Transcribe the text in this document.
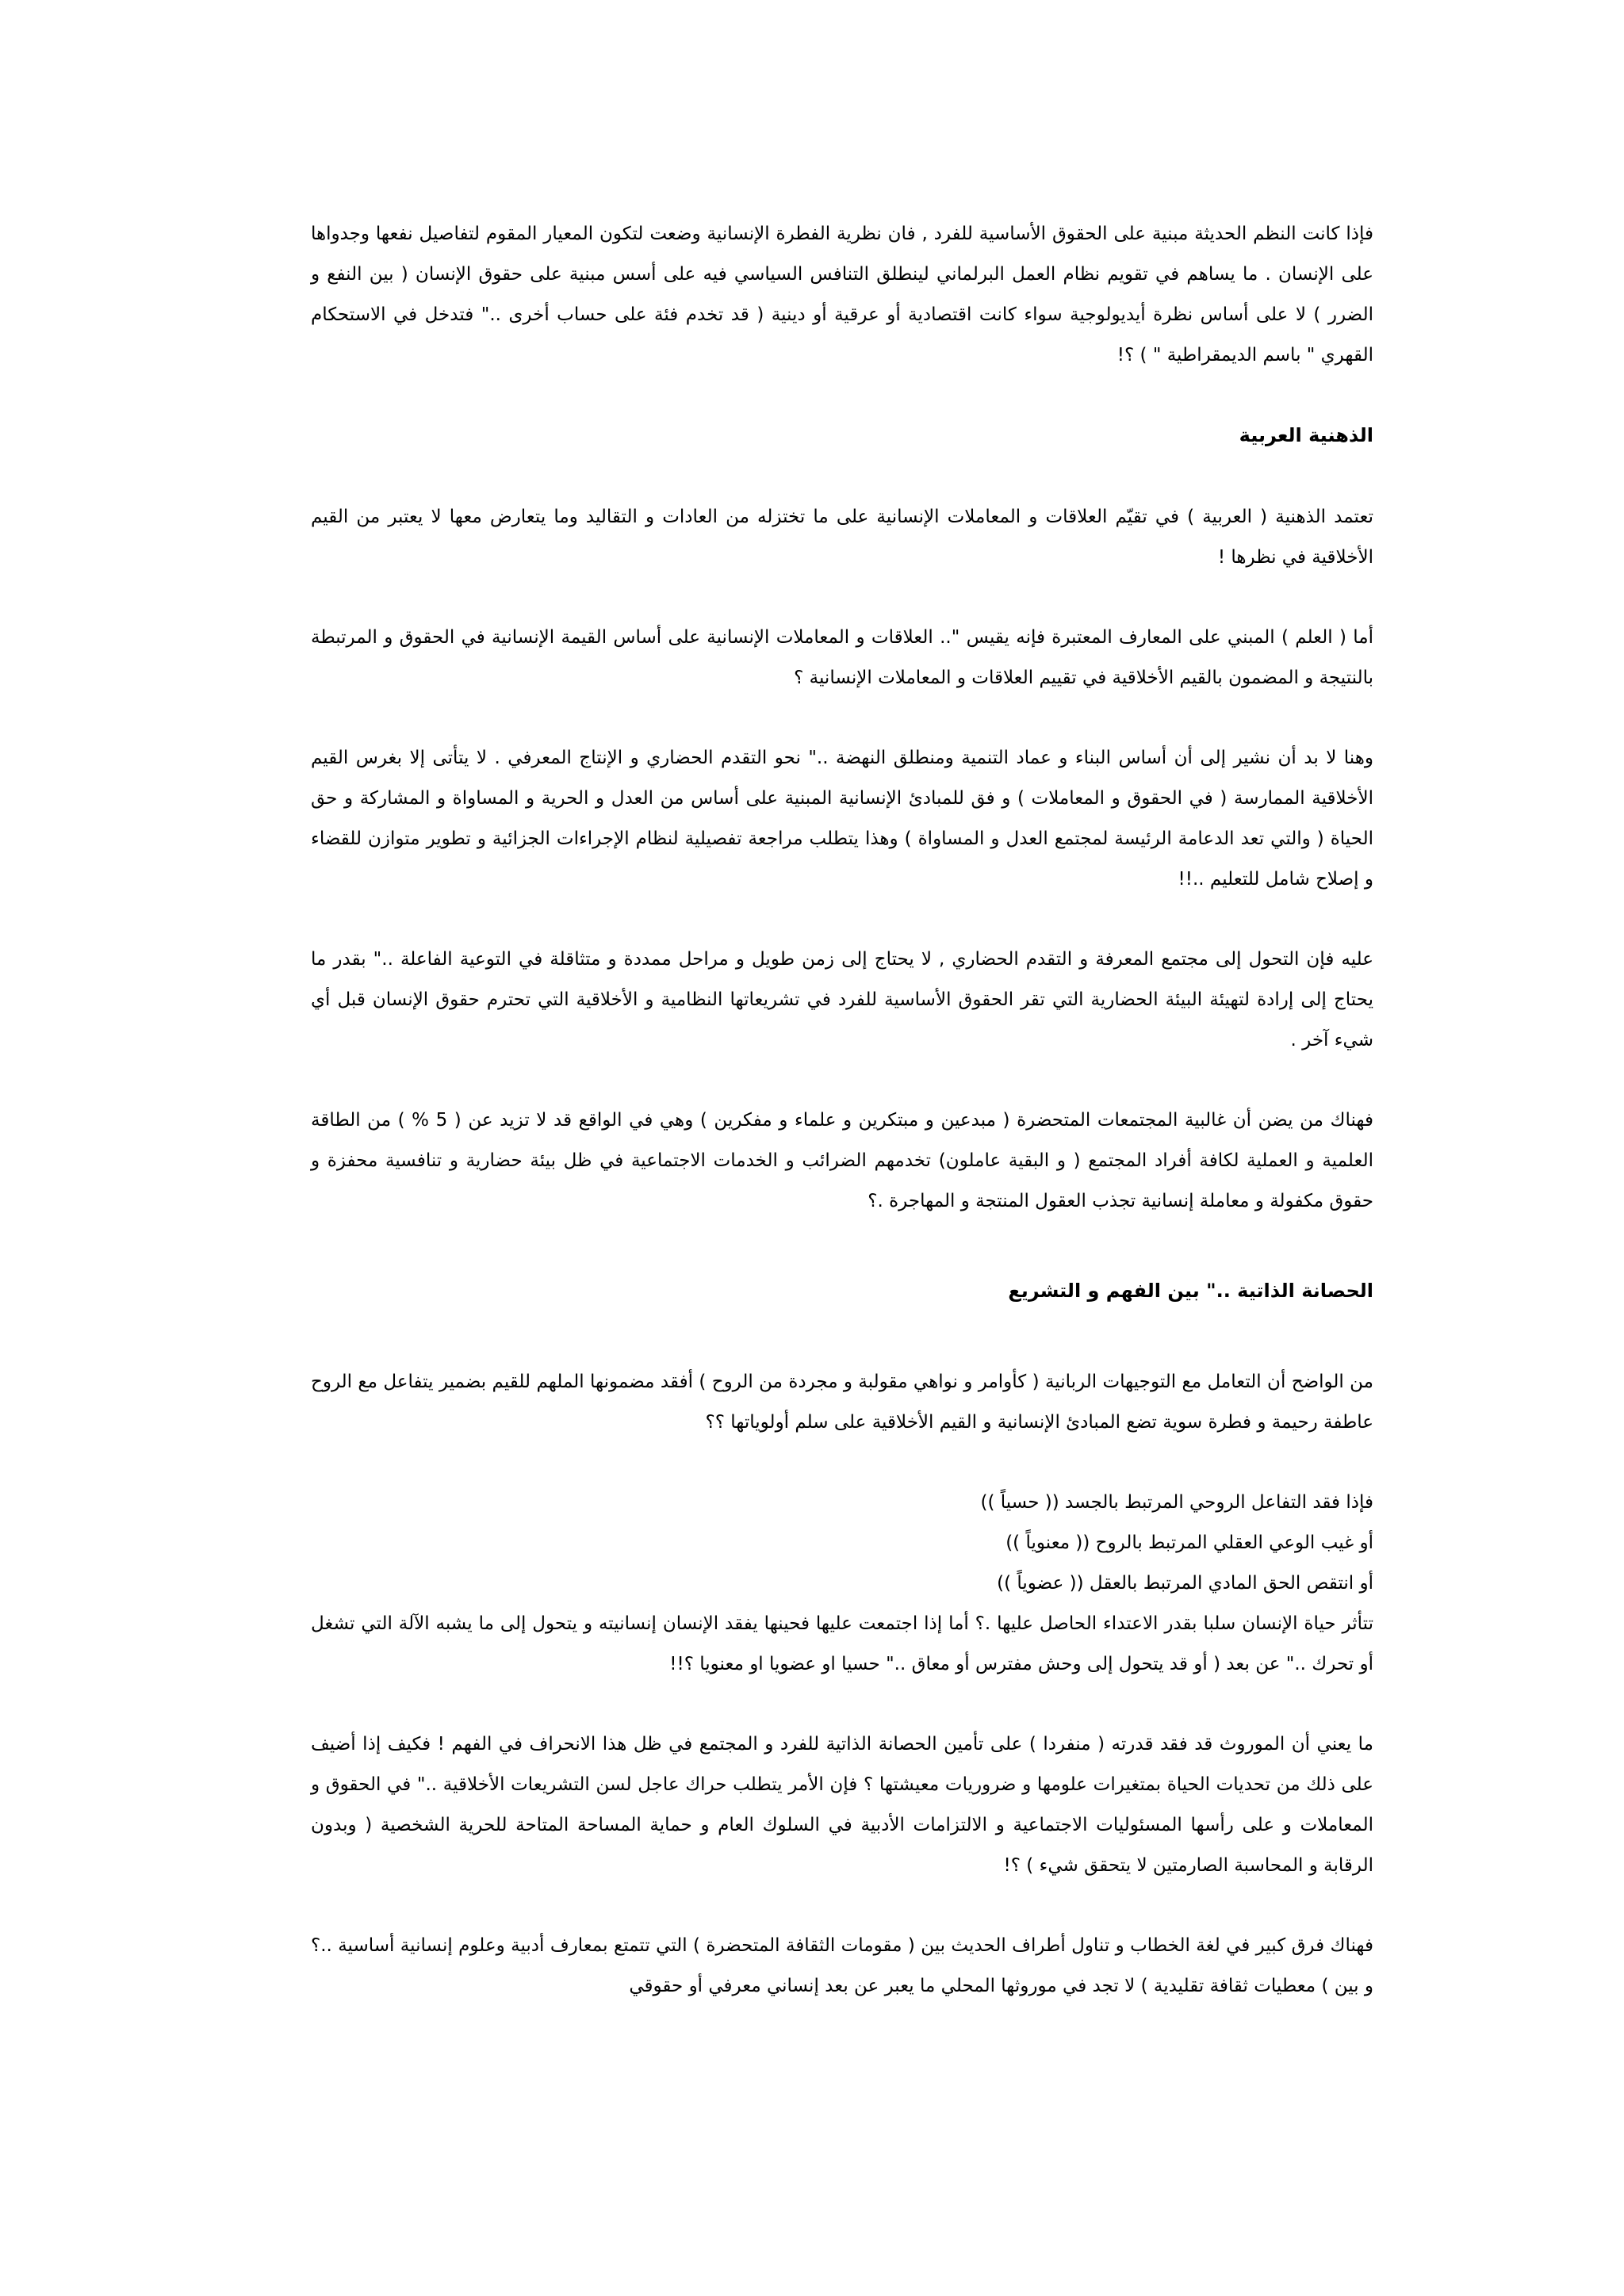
فإذا كانت النظم الحديثة مبنية على الحقوق الأساسية للفرد , فان نظرية الفطرة الإنسانية وضعت لتكون المعيار المقوم لتفاصيل نفعها وجدواها على الإنسان . ما يساهم في تقويم نظام العمل البرلماني لينطلق التنافس السياسي فيه على أسس مبنية على حقوق الإنسان ( بين النفع و الضرر ) لا على أساس نظرة أيديولوجية سواء كانت اقتصادية أو عرقية أو دينية ( قد تخدم فئة على حساب أخرى .." فتدخل في الاستحكام القهري " باسم الديمقراطية " ) ؟!

الذهنية العربية

تعتمد الذهنية ( العربية ) في تقيّم العلاقات و المعاملات الإنسانية على ما تختزله من العادات و التقاليد وما يتعارض معها لا يعتبر من القيم الأخلاقية في نظرها !

أما ( العلم ) المبني على المعارف المعتبرة فإنه يقيس ".. العلاقات و المعاملات الإنسانية على أساس القيمة الإنسانية في الحقوق و المرتبطة بالنتيجة و المضمون بالقيم الأخلاقية في تقييم العلاقات و المعاملات الإنسانية ؟

وهنا لا بد أن نشير إلى أن أساس البناء و عماد التنمية ومنطلق النهضة .." نحو التقدم الحضاري و الإنتاج المعرفي . لا يتأتى إلا بغرس القيم الأخلاقية الممارسة ( في الحقوق و المعاملات ) و فق للمبادئ الإنسانية المبنية على أساس من العدل و الحرية و المساواة و المشاركة و حق الحياة ( والتي تعد الدعامة الرئيسة لمجتمع العدل و المساواة ) وهذا يتطلب مراجعة تفصيلية لنظام الإجراءات الجزائية و تطوير متوازن للقضاء و إصلاح شامل للتعليم ..!!

عليه فإن التحول إلى مجتمع المعرفة و التقدم الحضاري , لا يحتاج إلى زمن طويل و مراحل ممددة و متثاقلة في التوعية الفاعلة .." بقدر ما يحتاج إلى إرادة لتهيئة البيئة الحضارية التي تقر الحقوق الأساسية للفرد في تشريعاتها النظامية و الأخلاقية التي تحترم حقوق الإنسان قبل أي شيء آخر .

فهناك من يضن أن غالبية المجتمعات المتحضرة ( مبدعين و مبتكرين و علماء و مفكرين ) وهي في الواقع قد لا تزيد عن ( 5 % ) من الطاقة العلمية و العملية لكافة أفراد المجتمع ( و البقية عاملون) تخدمهم الضرائب و الخدمات الاجتماعية في ظل بيئة حضارية و تنافسية محفزة و حقوق مكفولة و معاملة إنسانية تجذب العقول المنتجة و المهاجرة .؟

الحصانة الذاتية .." بين الفهم و التشريع

من الواضح أن التعامل مع التوجيهات الربانية ( كأوامر و نواهي مقولبة و مجردة من الروح ) أفقد مضمونها الملهم للقيم بضمير يتفاعل مع الروح عاطفة رحيمة و فطرة سوية تضع المبادئ الإنسانية و القيم الأخلاقية على سلم أولوياتها ؟؟

فإذا فقد التفاعل الروحي المرتبط بالجسد (( حسياً ))

أو غيب الوعي العقلي المرتبط بالروح (( معنوياً ))

أو انتقص الحق المادي المرتبط بالعقل (( عضوياً ))

تتأثر حياة الإنسان سلبا بقدر الاعتداء الحاصل عليها .؟ أما إذا اجتمعت عليها فحينها يفقد الإنسان إنسانيته و يتحول إلى ما يشبه الآلة التي تشغل أو تحرك .." عن بعد ( أو قد يتحول إلى وحش مفترس أو معاق .." حسيا او عضويا او معنويا ؟!!

ما يعني أن الموروث قد فقد قدرته ( منفردا ) على تأمين الحصانة الذاتية للفرد و المجتمع في ظل هذا الانحراف في الفهم ! فكيف إذا أضيف على ذلك من تحديات الحياة بمتغيرات علومها و ضروريات معيشتها ؟ فإن الأمر يتطلب حراك عاجل لسن التشريعات الأخلاقية .." في الحقوق و المعاملات و على رأسها المسئوليات الاجتماعية و الالتزامات الأدبية في السلوك العام و حماية المساحة المتاحة للحرية الشخصية ( وبدون الرقابة و المحاسبة الصارمتين لا يتحقق شيء ) ؟!

فهناك فرق كبير في لغة الخطاب و تناول أطراف الحديث بين ( مقومات الثقافة المتحضرة ) التي تتمتع بمعارف أدبية وعلوم إنسانية أساسية ..؟ و بين ) معطيات ثقافة تقليدية ) لا تجد في موروثها المحلي ما يعبر عن بعد إنساني معرفي أو حقوقي
